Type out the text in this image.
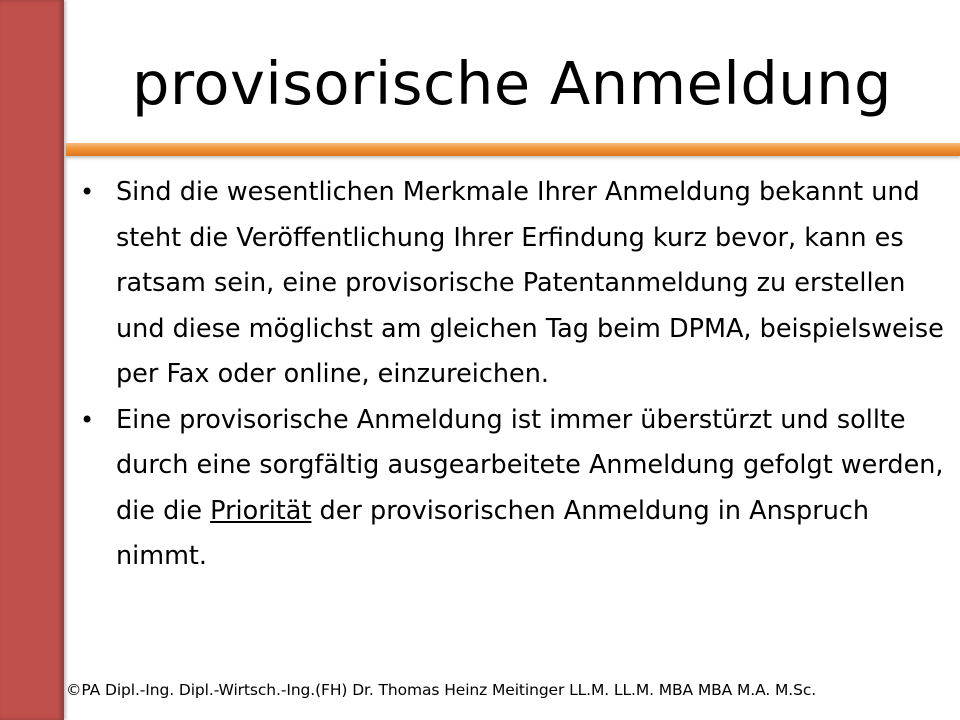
provisorische Anmeldung

• Sind die wesentlichen Merkmale Ihrer Anmeldung bekannt und steht die Veröffentlichung Ihrer Erfindung kurz bevor, kann es ratsam sein, eine provisorische Patentanmeldung zu erstellen und diese möglichst am gleichen Tag beim DPMA, beispielsweise per Fax oder online, einzureichen.

• Eine provisorische Anmeldung ist immer überstürzt und sollte durch eine sorgfältig ausgearbeitete Anmeldung gefolgt werden, die die Priorität der provisorischen Anmeldung in Anspruch nimmt.

©PA Dipl.-Ing. Dipl.-Wirtsch.-Ing.(FH) Dr. Thomas Heinz Meitinger LL.M. LL.M. MBA MBA M.A. M.Sc.
